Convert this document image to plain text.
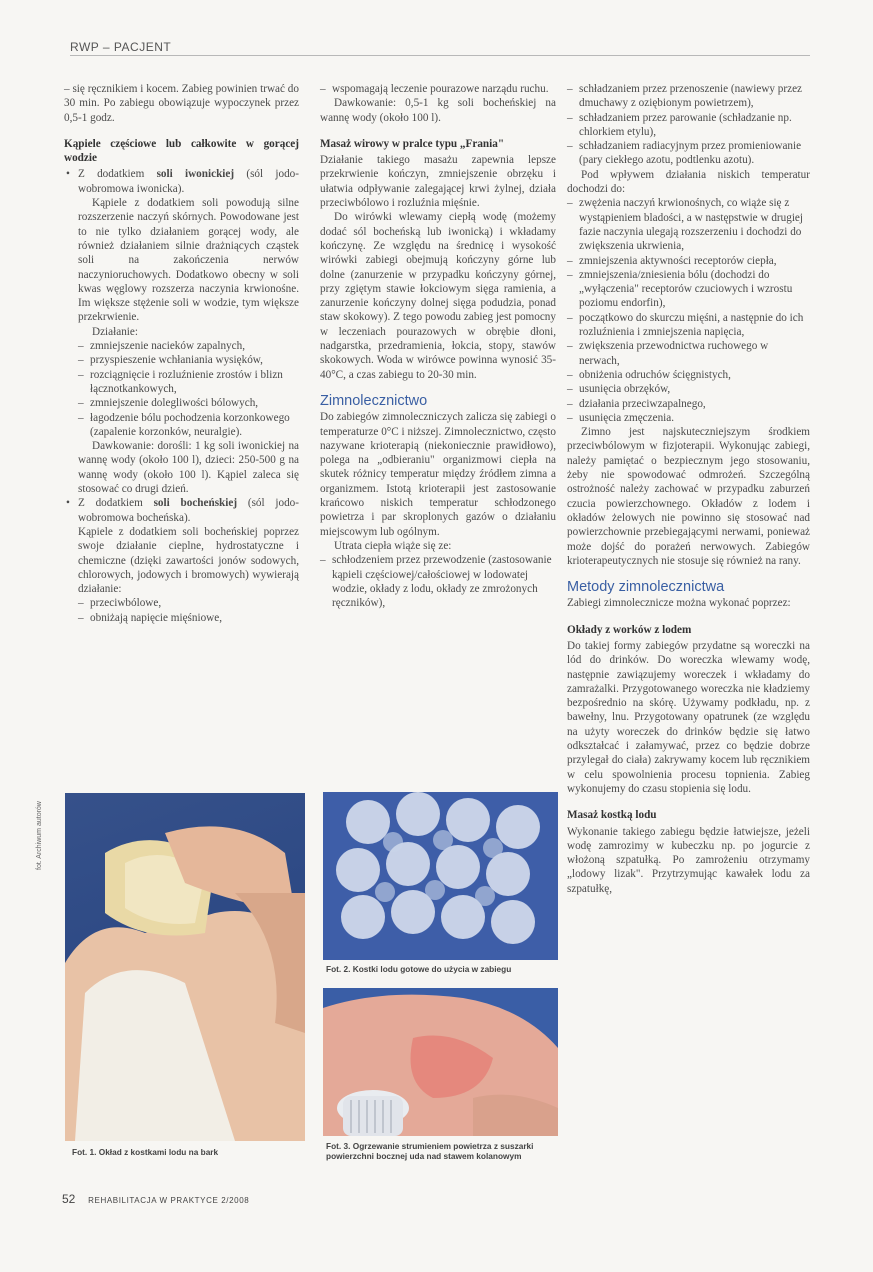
RWP – PACJENT

– się ręcznikiem i kocem. Zabieg powinien trwać do 30 min. Po zabiegu obowiązuje wypoczynek przez 0,5-1 godz.

Kąpiele częściowe lub całkowite w gorącej wodzie

• Z dodatkiem soli iwonickiej (sól jodo-wobromowa iwonicka).

Kąpiele z dodatkiem soli powodują silne rozszerzenie naczyń skórnych. Powodowane jest to nie tylko działaniem gorącej wody, ale również działaniem silnie drażniących cząstek soli na zakończenia nerwów naczynioruchowych. Dodatkowo obecny w soli kwas węglowy rozszerza naczynia krwionośne. Im większe stężenie soli w wodzie, tym większe przekrwienie.

Działanie:

– zmniejszenie nacieków zapalnych,
– przyspieszenie wchłaniania wysięków,
– rozciągnięcie i rozluźnienie zrostów i blizn łącznotkankowych,
– zmniejszenie dolegliwości bólowych,
– łagodzenie bólu pochodzenia korzonkowego (zapalenie korzonków, neuralgie).

Dawkowanie: dorośli: 1 kg soli iwonickiej na wannę wody (około 100 l), dzieci: 250-500 g na wannę wody (około 100 l). Kąpiel zaleca się stosować co drugi dzień.

• Z dodatkiem soli bocheńskiej (sól jodo-wobromowa bocheńska).

Kąpiele z dodatkiem soli bocheńskiej poprzez swoje działanie cieplne, hydrostatyczne i chemiczne (dzięki zawartości jonów sodowych, chlorowych, jodowych i bromowych) wywierają działanie:

– przeciwbólowe,
– obniżają napięcie mięśniowe,
– wspomagają leczenie pourazowe narządu ruchu.

Dawkowanie: 0,5-1 kg soli bocheńskiej na wannę wody (około 100 l).

Masaż wirowy w pralce typu „Frania"

Działanie takiego masażu zapewnia lepsze przekrwienie kończyn, zmniejszenie obrzęku i ułatwia odpływanie zalegającej krwi żylnej, działa przeciwbólowo i rozluźnia mięśnie.

Do wirówki wlewamy ciepłą wodę (możemy dodać sól bocheńską lub iwonicką) i wkładamy kończynę. Ze względu na średnicę i wysokość wirówki zabiegi obejmują kończyny górne lub dolne (zanurzenie w przypadku kończyny górnej, przy zgiętym stawie łokciowym sięga ramienia, a zanurzenie kończyny dolnej sięga podudzia, ponad staw skokowy). Z tego powodu zabieg jest pomocny w leczeniach pourazowych w obrębie dłoni, nadgarstka, przedramienia, łokcia, stopy, stawów skokowych. Woda w wirówce powinna wynosić 35-40°C, a czas zabiegu to 20-30 min.

Zimnolecznictwo

Do zabiegów zimnoleczniczych zalicza się zabiegi o temperaturze 0°C i niższej. Zimnolecznictwo, często nazywane krioterapią (niekoniecznie prawidłowo), polega na „odbieraniu" organizmowi ciepła na skutek różnicy temperatur między źródłem zimna a organizmem. Istotą krioterapii jest zastosowanie krańcowo niskich temperatur schłodzonego powietrza i par skroplonych gazów o działaniu miejscowym lub ogólnym.

Utrata ciepła wiąże się ze:

– schłodzeniem przez przewodzenie (zastosowanie kąpieli częściowej/całościowej w lodowatej wodzie, okłady z lodu, okłady ze zmrożonych ręczników),
– schładzaniem przez przenoszenie (nawiewy przez dmuchawy z oziębionym powietrzem),
– schładzaniem przez parowanie (schładzanie np. chlorkiem etylu),
– schładzaniem radiacyjnym przez promieniowanie (pary ciekłego azotu, podtlenku azotu).

Pod wpływem działania niskich temperatur dochodzi do:

– zwężenia naczyń krwionośnych, co wiąże się z wystąpieniem bladości, a w następstwie w drugiej fazie naczynia ulegają rozszerzeniu i dochodzi do zwiększenia ukrwienia,
– zmniejszenia aktywności receptorów ciepła,
– zmniejszenia/zniesienia bólu (dochodzi do „wyłączenia" receptorów czuciowych i wzrostu poziomu endorfin),
– początkowo do skurczu mięśni, a następnie do ich rozluźnienia i zmniejszenia napięcia,
– zwiększenia przewodnictwa ruchowego w nerwach,
– obniżenia odruchów ścięgnistych,
– usunięcia obrzęków,
– działania przeciwzapalnego,
– usunięcia zmęczenia.

Zimno jest najskuteczniejszym środkiem przeciwbólowym w fizjoterapii. Wykonując zabiegi, należy pamiętać o bezpiecznym jego stosowaniu, żeby nie spowodować odmrożeń. Szczególną ostrożność należy zachować w przypadku zaburzeń czucia powierzchownego. Okładów z lodem i okładów żelowych nie powinno się stosować nad powierzchownie przebiegającymi nerwami, ponieważ może dojść do porażeń nerwowych. Zabiegów krioterapeutycznych nie stosuje się również na rany.

Metody zimnolecznictwa

Zabiegi zimnolecznicze można wykonać poprzez:

Okłady z worków z lodem

Do takiej formy zabiegów przydatne są woreczki na lód do drinków. Do woreczka wlewamy wodę, następnie zawiązujemy woreczek i wkładamy do zamrażalki. Przygotowanego woreczka nie kładziemy bezpośrednio na skórę. Używamy podkładu, np. z bawełny, lnu. Przygotowany opatrunek (ze względu na użyty woreczek do drinków będzie się łatwo odkształcać i załamywać, przez co będzie dobrze przylegał do ciała) zakrywamy kocem lub ręcznikiem w celu spowolnienia procesu topnienia. Zabieg wykonujemy do czasu stopienia się lodu.

Masaż kostką lodu

Wykonanie takiego zabiegu będzie łatwiejsze, jeżeli wodę zamrozimy w kubeczku np. po jogurcie z włożoną szpatułką. Po zamrożeniu otrzymamy „lodowy lizak". Przytrzymując kawałek lodu za szpatułkę,

fot. Archiwum autorów
Fot. 1. Okład z kostkami lodu na bark
Fot. 2. Kostki lodu gotowe do użycia w zabiegu
Fot. 3. Ogrzewanie strumieniem powietrza z suszarki powierzchni bocznej uda nad stawem kolanowym
52 REHABILITACJA W PRAKTYCE 2/2008
